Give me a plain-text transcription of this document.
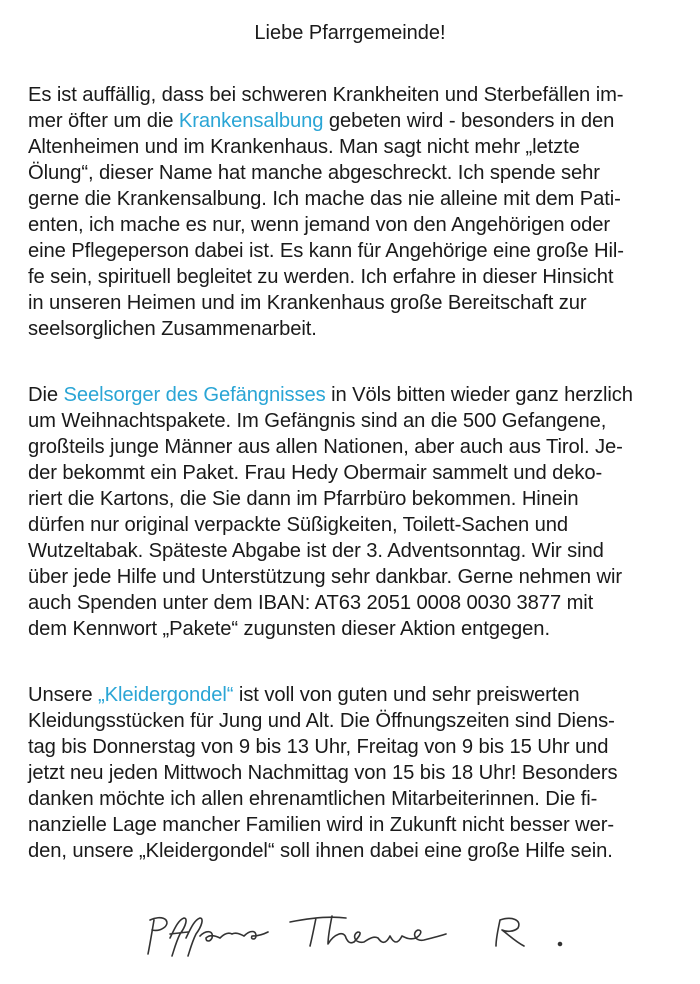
Liebe Pfarrgemeinde!
Es ist auffällig, dass bei schweren Krankheiten und Sterbefällen im-
mer öfter um die Krankensalbung gebeten wird - besonders in den
Altenheimen und im Krankenhaus. Man sagt nicht mehr „letzte
Ölung“, dieser Name hat manche abgeschreckt. Ich spende sehr
gerne die Krankensalbung. Ich mache das nie alleine mit dem Pati-
enten, ich mache es nur, wenn jemand von den Angehörigen oder
eine Pflegeperson dabei ist. Es kann für Angehörige eine große Hil-
fe sein, spirituell begleitet zu werden. Ich erfahre in dieser Hinsicht
in unseren Heimen und im Krankenhaus große Bereitschaft zur
seelsorglichen Zusammenarbeit.
Die Seelsorger des Gefängnisses in Völs bitten wieder ganz herzlich
um Weihnachtspakete. Im Gefängnis sind an die 500 Gefangene,
großteils junge Männer aus allen Nationen, aber auch aus Tirol. Je-
der bekommt ein Paket. Frau Hedy Obermair sammelt und deko-
riert die Kartons, die Sie dann im Pfarrbüro bekommen. Hinein
dürfen nur original verpackte Süßigkeiten, Toilett-Sachen und
Wutzeltabak. Späteste Abgabe ist der 3. Adventsonntag. Wir sind
über jede Hilfe und Unterstützung sehr dankbar. Gerne nehmen wir
auch Spenden unter dem IBAN: AT63 2051 0008 0030 3877 mit
dem Kennwort „Pakete“ zugunsten dieser Aktion entgegen.
Unsere „Kleidergondel“ ist voll von guten und sehr preiswerten
Kleidungsstücken für Jung und Alt. Die Öffnungszeiten sind Diens-
tag bis Donnerstag von 9 bis 13 Uhr, Freitag von 9 bis 15 Uhr und
jetzt neu jeden Mittwoch Nachmittag von 15 bis 18 Uhr! Besonders
danken möchte ich allen ehrenamtlichen Mitarbeiterinnen. Die fi-
nanzielle Lage mancher Familien wird in Zukunft nicht besser wer-
den, unsere „Kleidergondel“ soll ihnen dabei eine große Hilfe sein.
